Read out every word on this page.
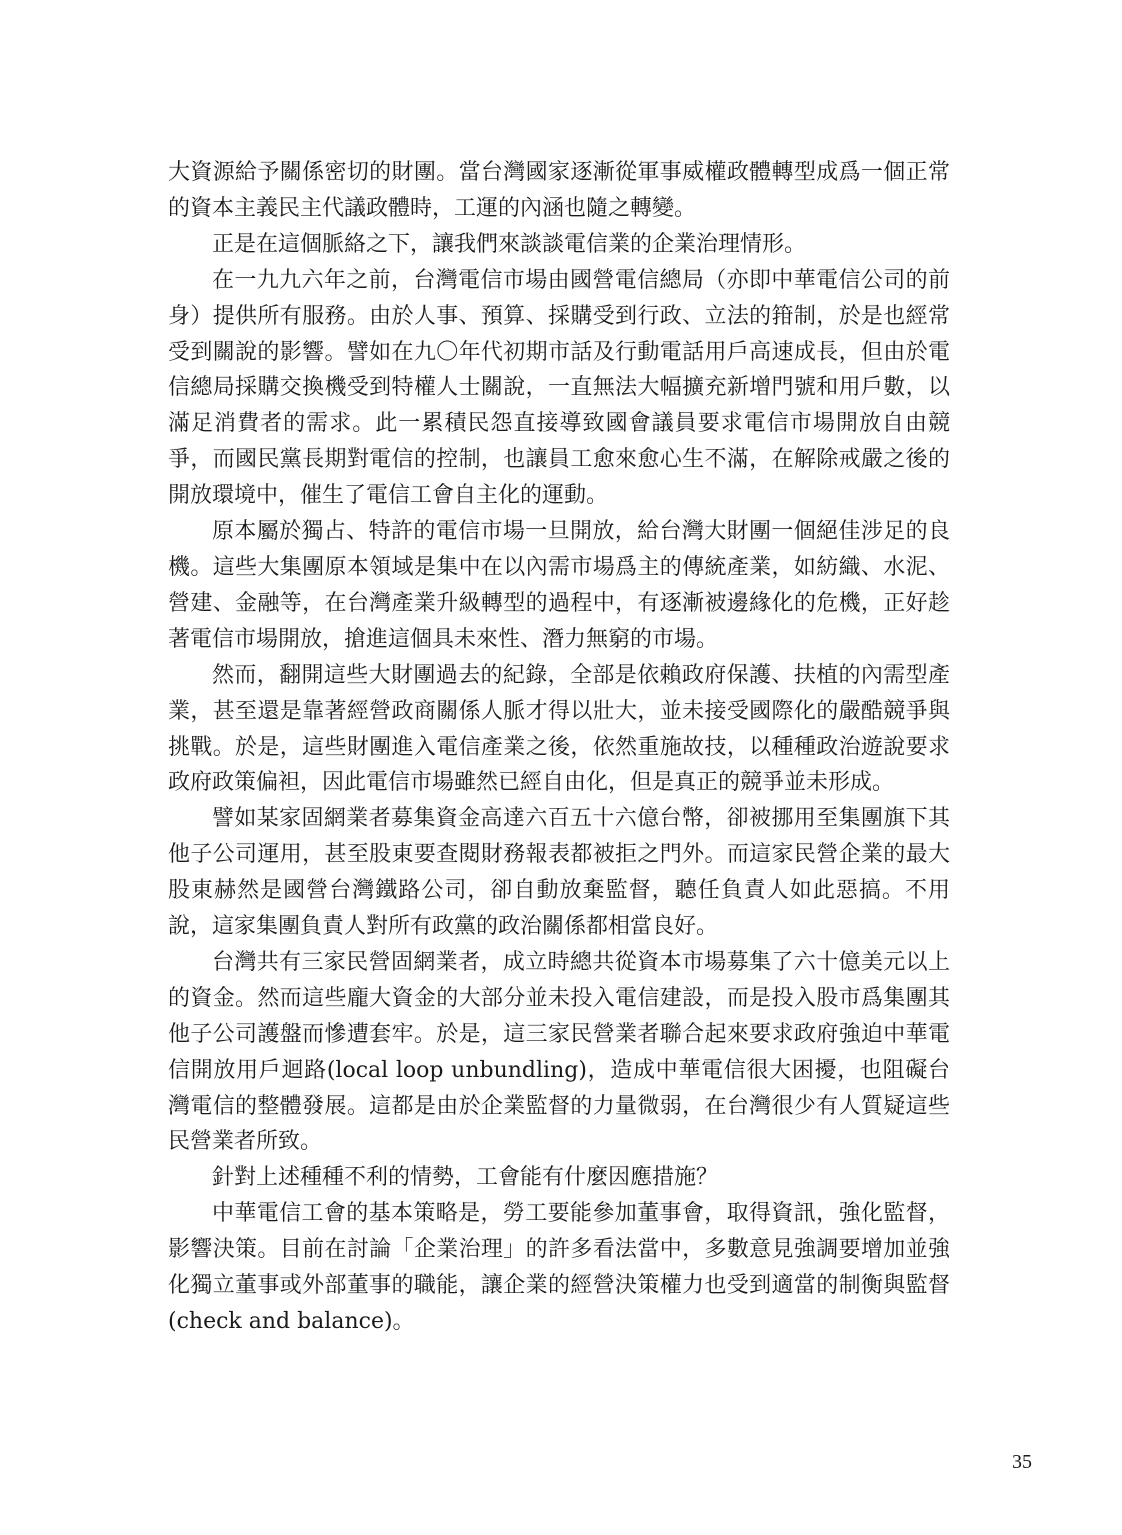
大資源給予關係密切的財團。當台灣國家逐漸從軍事威權政體轉型成爲一個正常的資本主義民主代議政體時，工運的內涵也隨之轉變。

正是在這個脈絡之下，讓我們來談談電信業的企業治理情形。

在一九九六年之前，台灣電信市場由國營電信總局（亦即中華電信公司的前身）提供所有服務。由於人事、預算、採購受到行政、立法的箝制，於是也經常受到關說的影響。譬如在九〇年代初期市話及行動電話用戶高速成長，但由於電信總局採購交換機受到特權人士關說，一直無法大幅擴充新增門號和用戶數，以滿足消費者的需求。此一累積民怨直接導致國會議員要求電信市場開放自由競爭，而國民黨長期對電信的控制，也讓員工愈來愈心生不滿，在解除戒嚴之後的開放環境中，催生了電信工會自主化的運動。

原本屬於獨占、特許的電信市場一旦開放，給台灣大財團一個絕佳涉足的良機。這些大集團原本領域是集中在以內需市場爲主的傳統產業，如紡織、水泥、營建、金融等，在台灣產業升級轉型的過程中，有逐漸被邊緣化的危機，正好趁著電信市場開放，搶進這個具未來性、潛力無窮的市場。

然而，翻開這些大財團過去的紀錄，全部是依賴政府保護、扶植的內需型產業，甚至還是靠著經營政商關係人脈才得以壯大，並未接受國際化的嚴酷競爭與挑戰。於是，這些財團進入電信產業之後，依然重施故技，以種種政治遊說要求政府政策偏袒，因此電信市場雖然已經自由化，但是真正的競爭並未形成。

譬如某家固網業者募集資金高達六百五十六億台幣，卻被挪用至集團旗下其他子公司運用，甚至股東要查閱財務報表都被拒之門外。而這家民營企業的最大股東赫然是國營台灣鐵路公司，卻自動放棄監督，聽任負責人如此惡搞。不用說，這家集團負責人對所有政黨的政治關係都相當良好。

台灣共有三家民營固網業者，成立時總共從資本市場募集了六十億美元以上的資金。然而這些龐大資金的大部分並未投入電信建設，而是投入股市爲集團其他子公司護盤而慘遭套牢。於是，這三家民營業者聯合起來要求政府強迫中華電信開放用戶迴路(local loop unbundling)，造成中華電信很大困擾，也阻礙台灣電信的整體發展。這都是由於企業監督的力量微弱，在台灣很少有人質疑這些民營業者所致。

針對上述種種不利的情勢，工會能有什麼因應措施？

中華電信工會的基本策略是，勞工要能參加董事會，取得資訊，強化監督，影響決策。目前在討論「企業治理」的許多看法當中，多數意見強調要增加並強化獨立董事或外部董事的職能，讓企業的經營決策權力也受到適當的制衡與監督(check and balance)。

35
